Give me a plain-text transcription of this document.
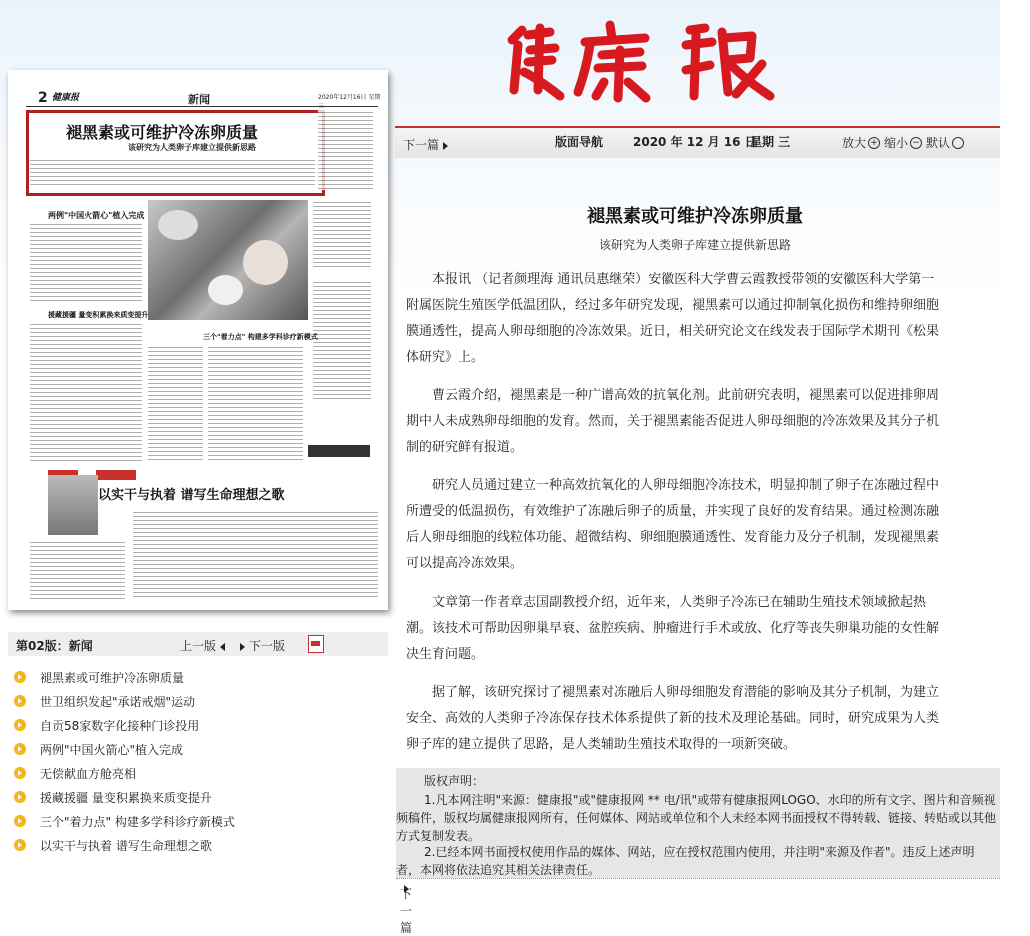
下一篇	版面导航 2020 年 12 月 16 日
星期 三	放大 + 缩小 − 默认
2 健康报	新闻	2020年12月16日 星期
褪黑素或可维护冷冻卵质量
该研究为人类卵子库建立提供新思路
两例"中国火箭心"植入完成
援藏援疆 量变积累换来质变提升
三个"着力点" 构建多学科诊疗新模式
以实干与执着 谱写生命理想之歌
第02版：新闻	上一版	下一版
褪黑素或可维护冷冻卵质量
世卫组织发起"承诺戒烟"运动
自贡58家数字化接种门诊投用
两例"中国火箭心"植入完成
无偿献血方舱亮相
援藏援疆 量变积累换来质变提升
三个"着力点" 构建多学科诊疗新模式
以实干与执着 谱写生命理想之歌
褪黑素或可维护冷冻卵质量
该研究为人类卵子库建立提供新思路

本报讯 （记者颜理海 通讯员惠继荣）安徽医科大学曹云霞教授带领的安徽医科大学第一附属医院生殖医学低温团队，经过多年研究发现，褪黑素可以通过抑制氧化损伤和维持卵细胞膜通透性，提高人卵母细胞的冷冻效果。近日，相关研究论文在线发表于国际学术期刊《松果体研究》上。

曹云霞介绍，褪黑素是一种广谱高效的抗氧化剂。此前研究表明，褪黑素可以促进排卵周期中人未成熟卵母细胞的发育。然而，关于褪黑素能否促进人卵母细胞的冷冻效果及其分子机制的研究鲜有报道。

研究人员通过建立一种高效抗氧化的人卵母细胞冷冻技术，明显抑制了卵子在冻融过程中所遭受的低温损伤，有效维护了冻融后卵子的质量，并实现了良好的发育结果。通过检测冻融后人卵母细胞的线粒体功能、超微结构、卵细胞膜通透性、发育能力及分子机制，发现褪黑素可以提高冷冻效果。

文章第一作者章志国副教授介绍，近年来，人类卵子冷冻已在辅助生殖技术领域掀起热潮。该技术可帮助因卵巢早衰、盆腔疾病、肿瘤进行手术或放、化疗等丧失卵巢功能的女性解决生育问题。

据了解，该研究探讨了褪黑素对冻融后人卵母细胞发育潜能的影响及其分子机制，为建立安全、高效的人类卵子冷冻保存技术体系提供了新的技术及理论基础。同时，研究成果为人类卵子库的建立提供了思路，是人类辅助生殖技术取得的一项新突破。

版权声明：
1.凡本网注明"来源：健康报"或"健康报网 ** 电/讯"或带有健康报网LOGO、水印的所有文字、图片和音频视频稿件，版权均属健康报网所有，任何媒体、网站或单位和个人未经本网书面授权不得转载、链接、转贴或以其他方式复制发表。
2.已经本网书面授权使用作品的媒体、网站，应在授权范围内使用，并注明"来源及作者"。违反上述声明者，本网将依法追究其相关法律责任。
下一篇
